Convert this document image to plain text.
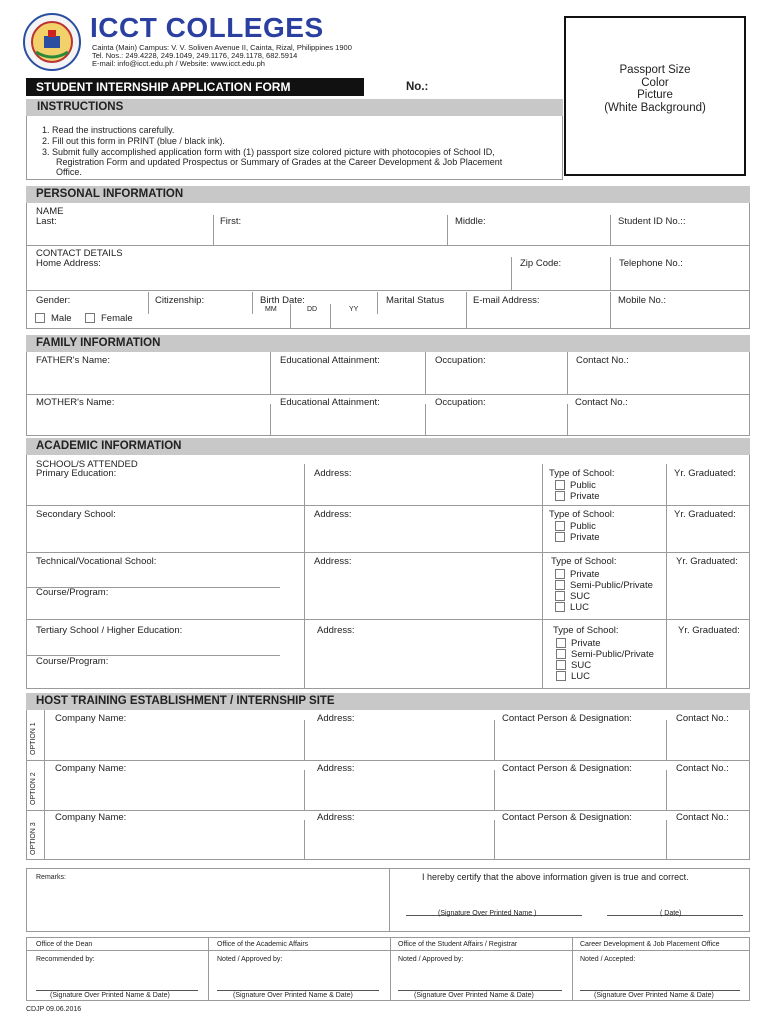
ICCT COLLEGES
Cainta (Main) Campus: V. V. Soliven Avenue II, Cainta, Rizal, Philippines 1900
Tel. Nos.: 249.4228, 249.1049, 249.1176, 249.1178, 682.5914
E-mail: info@icct.edu.ph / Website: www.icct.edu.ph
STUDENT INTERNSHIP APPLICATION FORM	No.:
Passport Size
Color
Picture
(White Background)
INSTRUCTIONS
1. Read the instructions carefully.
2. Fill out this form in PRINT (blue / black ink).
3. Submit fully accomplished application form with (1) passport size colored picture with photocopies of School ID,
Registration Form and updated Prospectus or Summary of Grades at the Career Development & Job Placement
Office.
PERSONAL INFORMATION
NAME
Last:	First:	Middle:	Student ID No.::
CONTACT DETAILS
Home Address:	Zip Code:	Telephone No.:
Gender:
Male	Female
Citizenship:	Birth Date:
MM	DD	YY
Marital Status	E-mail Address:	Mobile No.:
FAMILY INFORMATION
FATHER's Name:	Educational Attainment:	Occupation:	Contact No.:
MOTHER's Name:	Educational Attainment:	Occupation:	Contact No.:
ACADEMIC INFORMATION
SCHOOL/S ATTENDED
Primary Education:	Address:	Type of School:	Yr. Graduated:
Public
Private
Secondary School:	Address:	Type of School:	Yr. Graduated:
Public
Private
Technical/Vocational School:
Course/Program:
Address:	Type of School:	Yr. Graduated:
Private
Semi-Public/Private
SUC
LUC
Tertiary School / Higher Education:
Course/Program:
Address:	Type of School:	Yr. Graduated:
Private
Semi-Public/Private
SUC
LUC
HOST TRAINING ESTABLISHMENT / INTERNSHIP SITE
OPTION 1
OPTION 2
OPTION 3
Company Name:	Address:	Contact Person & Designation:	Contact No.:
Company Name:	Address:	Contact Person & Designation:	Contact No.:
Company Name:	Address:	Contact Person & Designation:	Contact No.:
Remarks:	I hereby certify that the above information given is true and correct.
(Signature Over Printed Name )	( Date)
Office of the Dean	Office of the Academic Affairs	Office of the Student Affairs / Registrar	Career Development & Job Placement Office
Recommended by:	Noted / Approved by:	Noted / Approved by:	Noted / Accepted:
(Signature Over Printed Name & Date)	(Signature Over Printed Name & Date)	(Signature Over Printed Name & Date)	(Signature Over Printed Name & Date)
CDJP 09.06.2016
